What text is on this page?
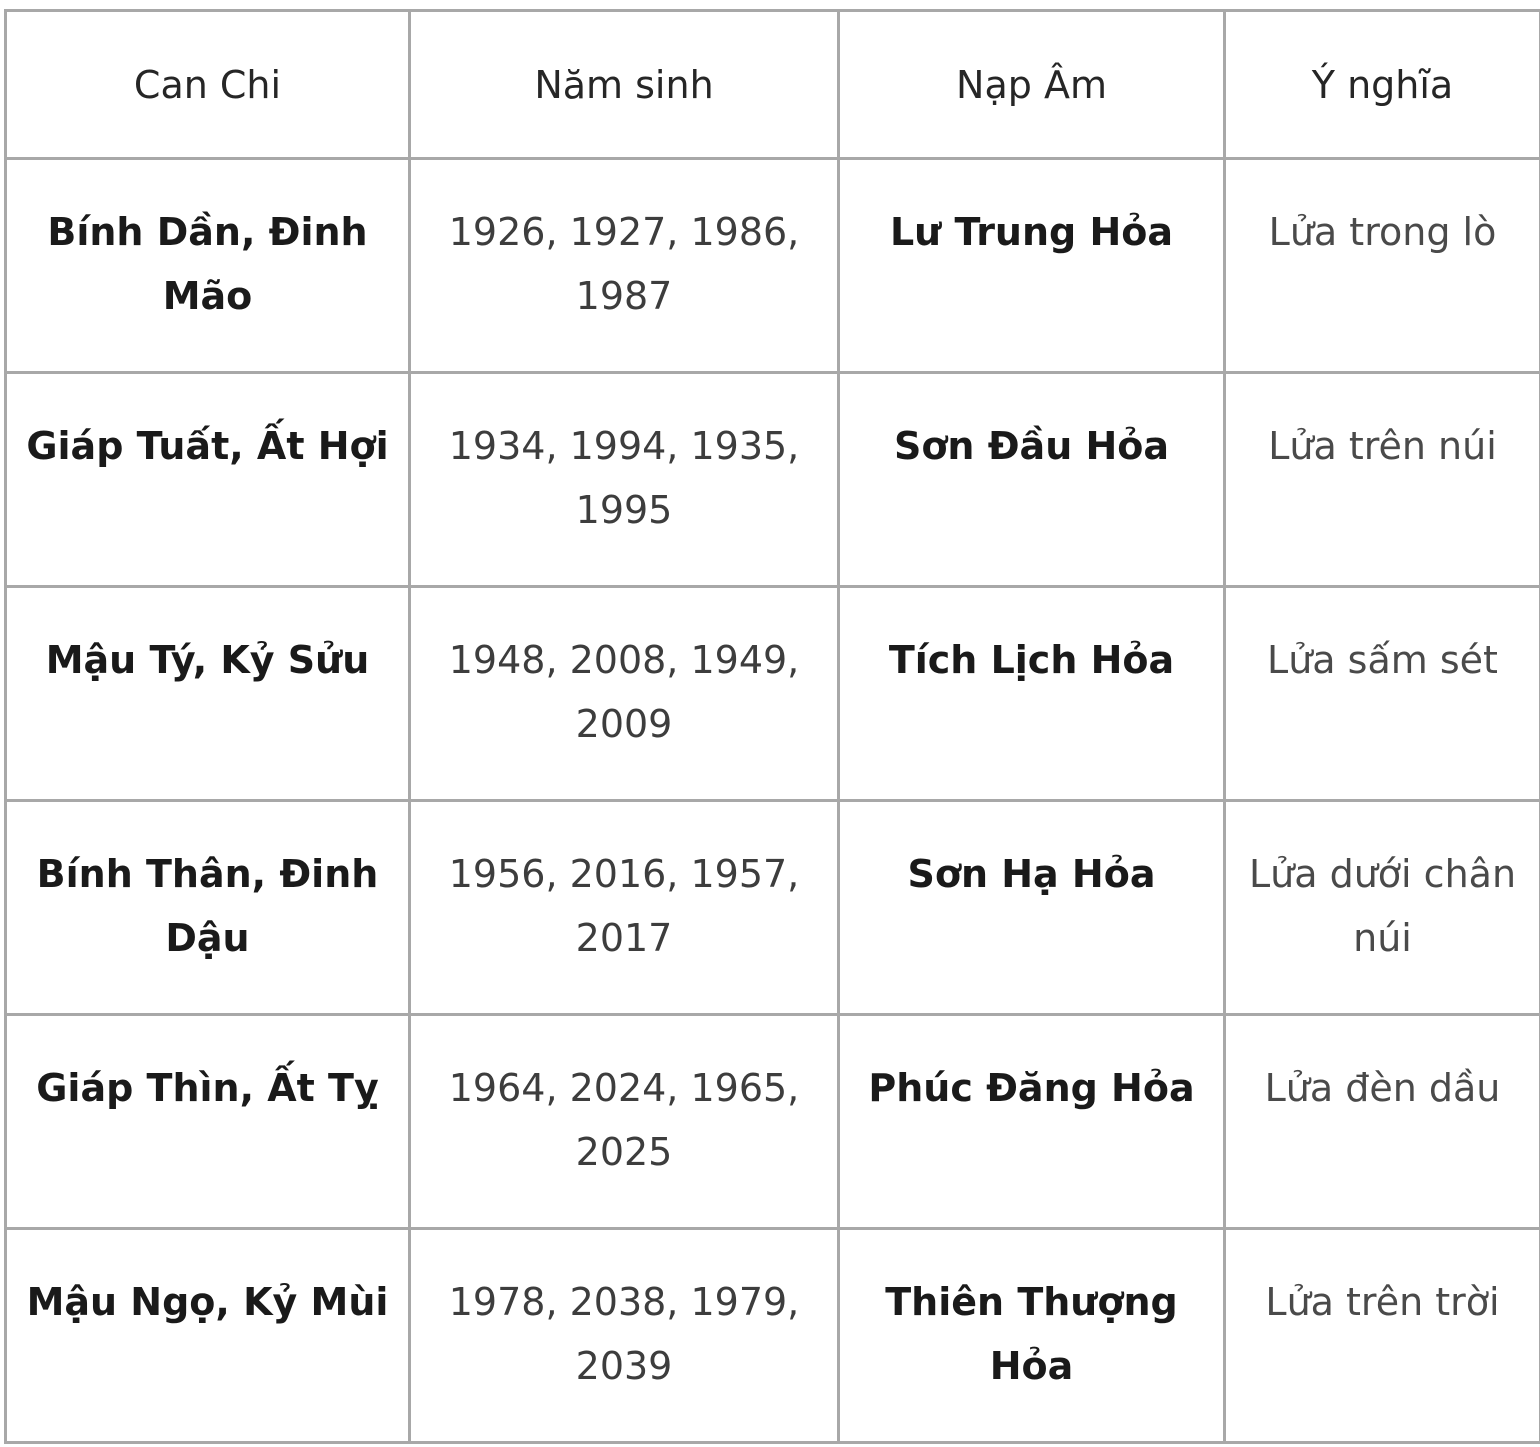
Can Chi	Năm sinh	Nạp Âm	Ý nghĩa
Bính Dần, Đinh Mão	1926, 1927, 1986, 1987	Lư Trung Hỏa	Lửa trong lò
Giáp Tuất, Ất Hợi	1934, 1994, 1935, 1995	Sơn Đầu Hỏa	Lửa trên núi
Mậu Tý, Kỷ Sửu	1948, 2008, 1949, 2009	Tích Lịch Hỏa	Lửa sấm sét
Bính Thân, Đinh Dậu	1956, 2016, 1957, 2017	Sơn Hạ Hỏa	Lửa dưới chân núi
Giáp Thìn, Ất Tỵ	1964, 2024, 1965, 2025	Phúc Đăng Hỏa	Lửa đèn dầu
Mậu Ngọ, Kỷ Mùi	1978, 2038, 1979, 2039	Thiên Thượng Hỏa	Lửa trên trời
